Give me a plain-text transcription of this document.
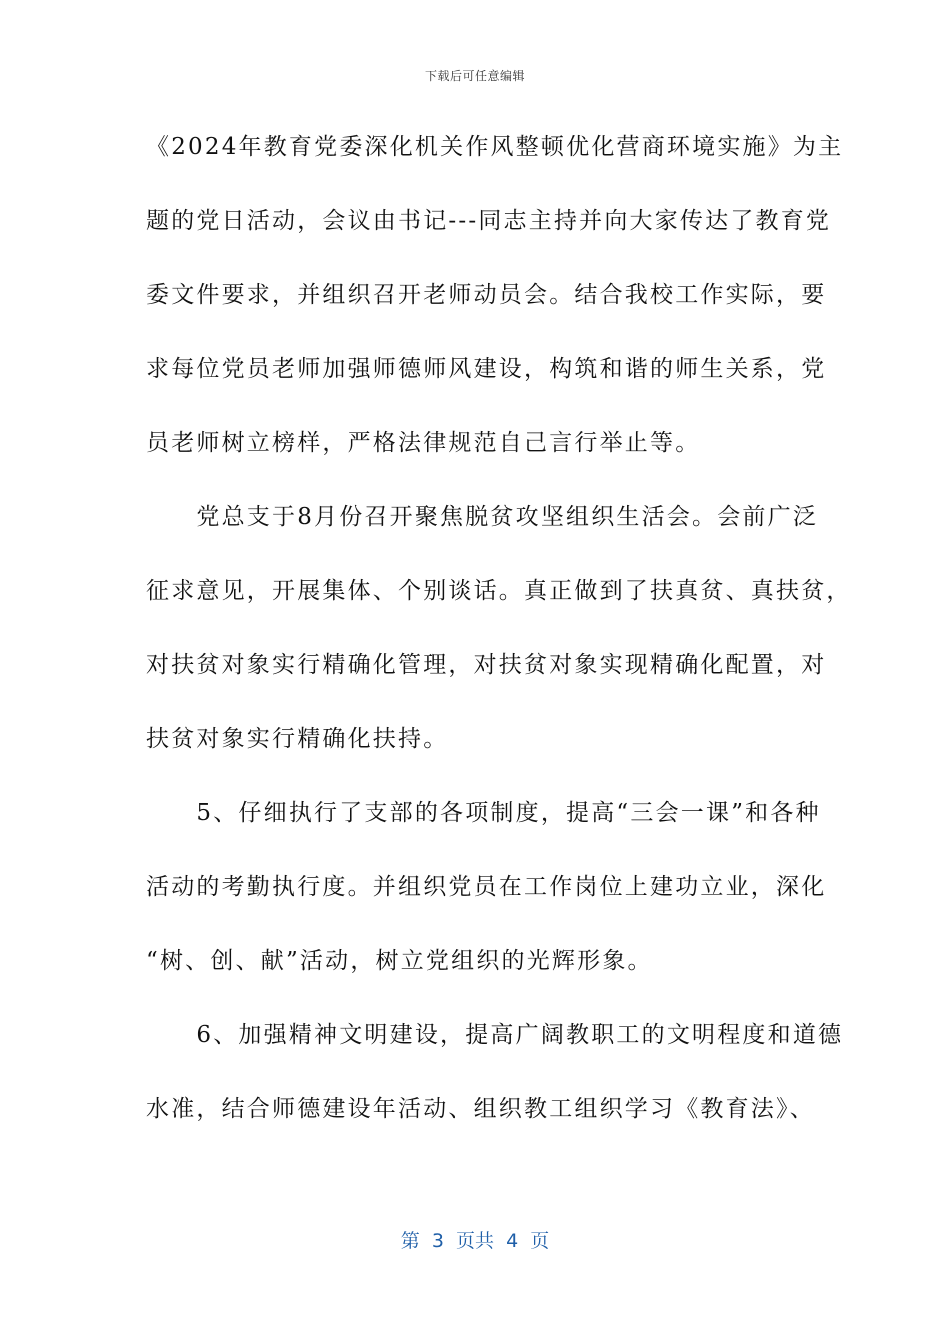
下载后可任意编辑
《2024年教育党委深化机关作风整顿优化营商环境实施》为主
题的党日活动，会议由书记---同志主持并向大家传达了教育党
委文件要求，并组织召开老师动员会。结合我校工作实际，要
求每位党员老师加强师德师风建设，构筑和谐的师生关系，党
员老师树立榜样，严格法律规范自己言行举止等。
　　党总支于8月份召开聚焦脱贫攻坚组织生活会。会前广泛
征求意见，开展集体、个别谈话。真正做到了扶真贫、真扶贫，
对扶贫对象实行精确化管理，对扶贫对象实现精确化配置，对
扶贫对象实行精确化扶持。
　　5、仔细执行了支部的各项制度，提高“三会一课”和各种
活动的考勤执行度。并组织党员在工作岗位上建功立业，深化
“树、创、献”活动，树立党组织的光辉形象。
　　6、加强精神文明建设，提高广阔教职工的文明程度和道德
水准，结合师德建设年活动、组织教工组织学习《教育法》、
第  3  页共  4  页
